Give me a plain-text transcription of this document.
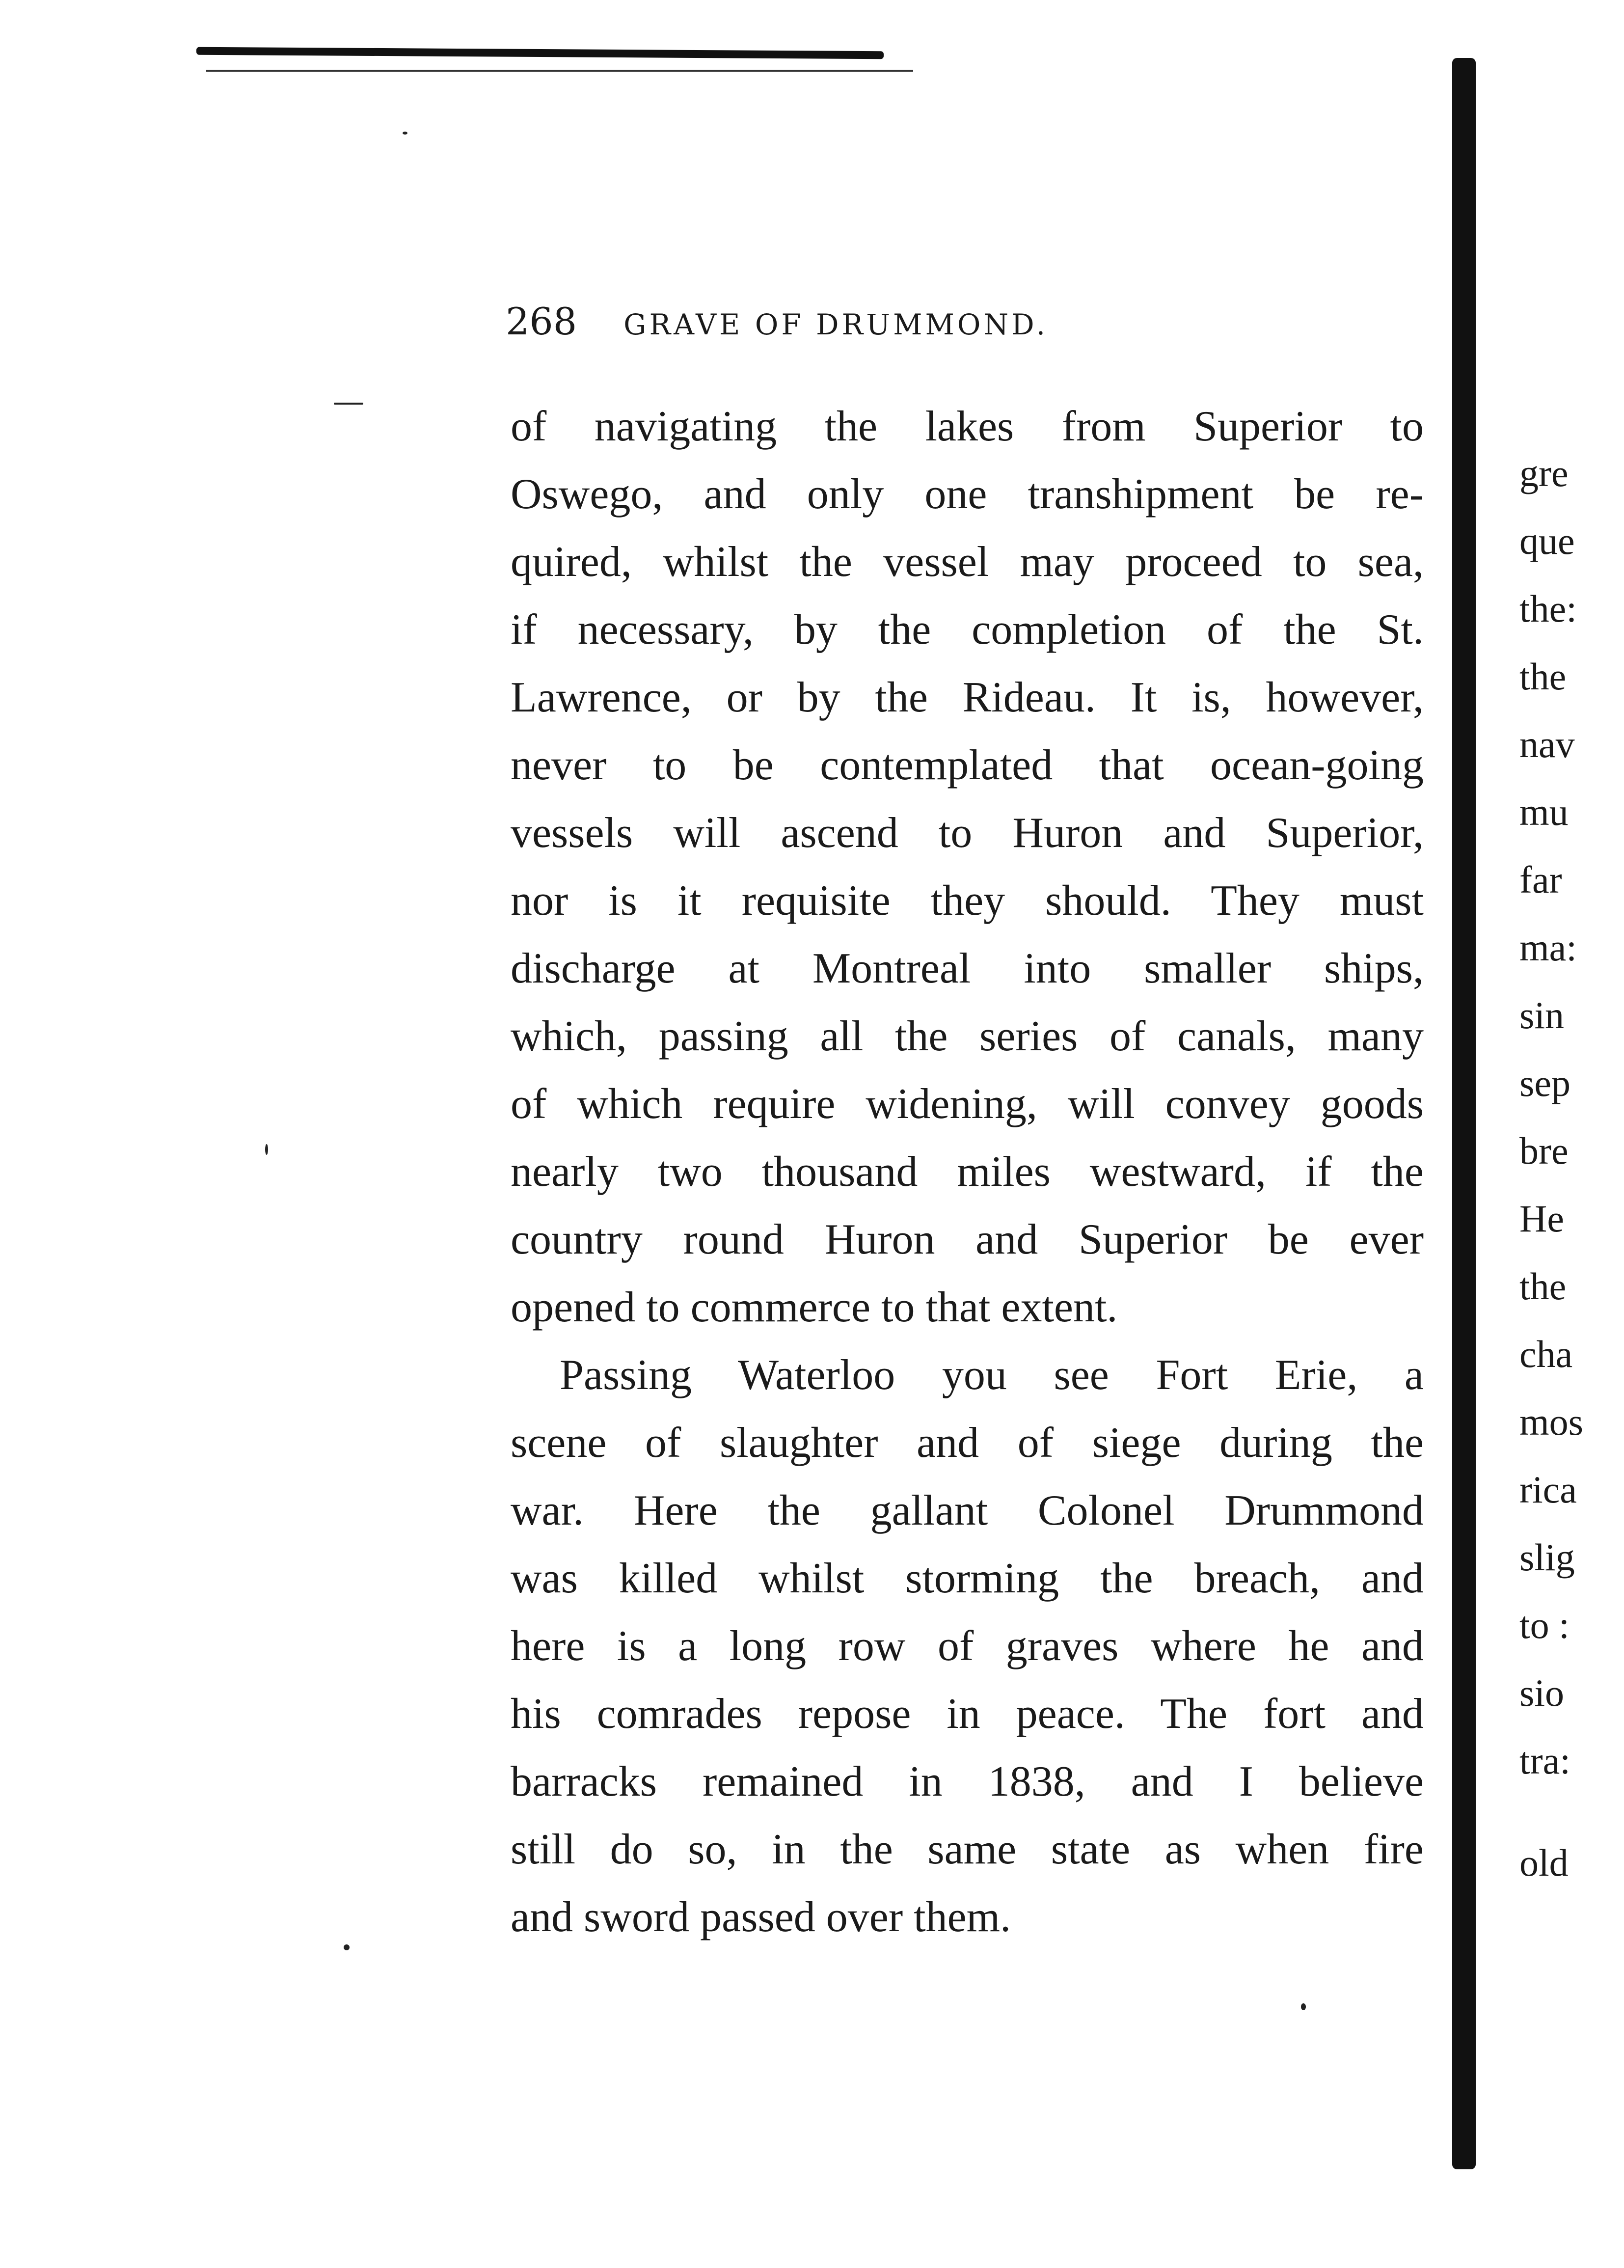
268 GRAVE OF DRUMMOND.
of navigating the lakes from Superior to
Oswego, and only one transhipment be re-
quired, whilst the vessel may proceed to sea,
if necessary, by the completion of the St.
Lawrence, or by the Rideau. It is, however,
never to be contemplated that ocean-going
vessels will ascend to Huron and Superior,
nor is it requisite they should. They must
discharge at Montreal into smaller ships,
which, passing all the series of canals, many
of which require widening, will convey goods
nearly two thousand miles westward, if the
country round Huron and Superior be ever
opened to commerce to that extent.
Passing Waterloo you see Fort Erie, a
scene of slaughter and of siege during the
war. Here the gallant Colonel Drummond
was killed whilst storming the breach, and
here is a long row of graves where he and
his comrades repose in peace. The fort and
barracks remained in 1838, and I believe
still do so, in the same state as when fire
and sword passed over them.
gre
que
the:
the
nav
mu
far
ma:
sin
sep
bre
He
the
cha
mos
rica
slig
to :
sio
tra:
old
